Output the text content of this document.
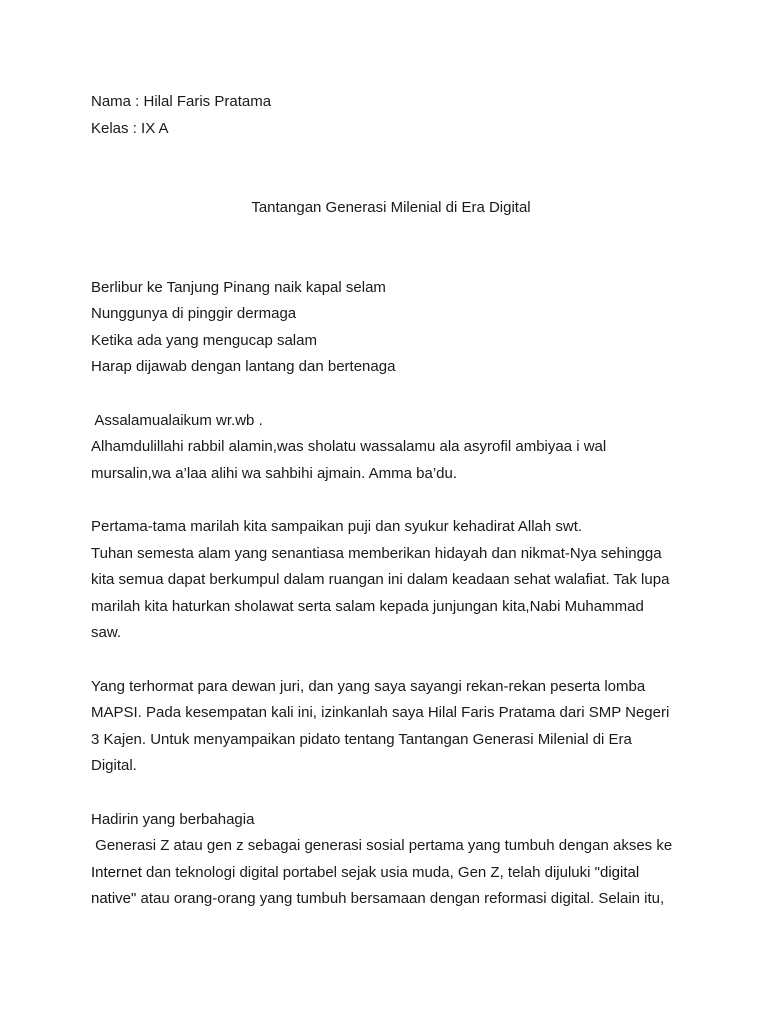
Nama : Hilal Faris Pratama
Kelas : IX A
Tantangan Generasi Milenial di Era Digital
Berlibur ke Tanjung Pinang naik kapal selam
Nunggunya di pinggir dermaga
Ketika ada yang mengucap salam
Harap dijawab dengan lantang dan bertenaga
Assalamualaikum wr.wb .
Alhamdulillahi rabbil alamin,was sholatu wassalamu ala asyrofil ambiyaa i wal
mursalin,wa a’laa alihi wa sahbihi ajmain. Amma ba’du.
Pertama-tama marilah kita sampaikan puji dan syukur kehadirat Allah swt.
Tuhan semesta alam yang senantiasa memberikan hidayah dan nikmat-Nya sehingga
kita semua dapat berkumpul dalam ruangan ini dalam keadaan sehat walafiat. Tak lupa
marilah kita haturkan sholawat serta salam kepada junjungan kita,Nabi Muhammad
saw.
Yang terhormat para dewan juri, dan yang saya sayangi rekan-rekan peserta lomba
MAPSI. Pada kesempatan kali ini, izinkanlah saya Hilal Faris Pratama dari SMP Negeri
3 Kajen. Untuk menyampaikan pidato tentang Tantangan Generasi Milenial di Era
Digital.
Hadirin yang berbahagia
Generasi Z atau gen z sebagai generasi sosial pertama yang tumbuh dengan akses ke
Internet dan teknologi digital portabel sejak usia muda, Gen Z, telah dijuluki "digital
native" atau orang-orang yang tumbuh bersamaan dengan reformasi digital. Selain itu,
